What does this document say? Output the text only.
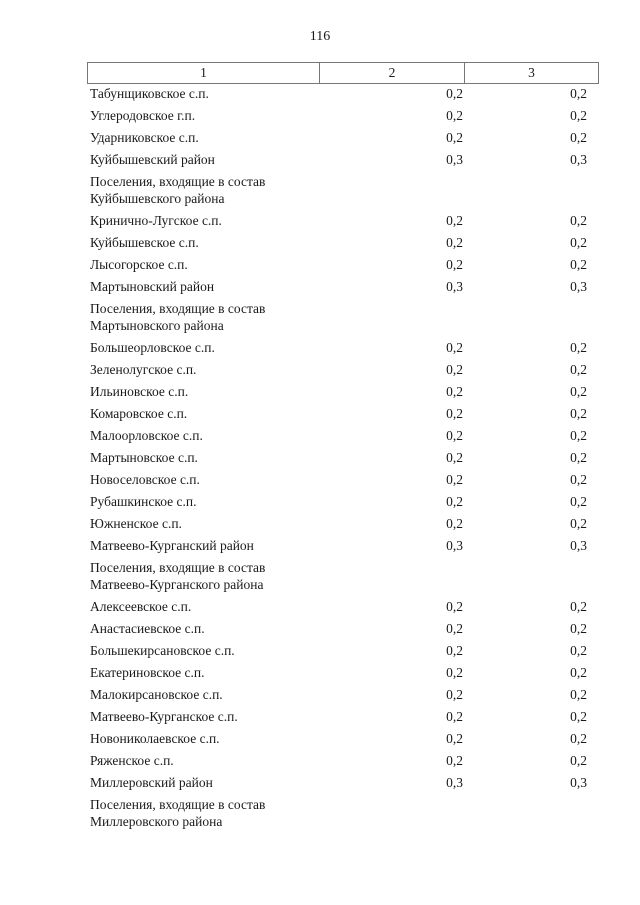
116
1	2	3
Табунщиковское с.п.	0,2	0,2
Углеродовское г.п.	0,2	0,2
Ударниковское с.п.	0,2	0,2
Куйбышевский район	0,3	0,3
Поселения, входящие в состав
Куйбышевского района
Кринично-Лугское с.п.	0,2	0,2
Куйбышевское с.п.	0,2	0,2
Лысогорское с.п.	0,2	0,2
Мартыновский район	0,3	0,3
Поселения, входящие в состав
Мартыновского района
Большеорловское с.п.	0,2	0,2
Зеленолугское с.п.	0,2	0,2
Ильиновское с.п.	0,2	0,2
Комаровское с.п.	0,2	0,2
Малоорловское с.п.	0,2	0,2
Мартыновское с.п.	0,2	0,2
Новоселовское с.п.	0,2	0,2
Рубашкинское с.п.	0,2	0,2
Южненское с.п.	0,2	0,2
Матвеево-Курганский район	0,3	0,3
Поселения, входящие в состав
Матвеево-Курганского района
Алексеевское с.п.	0,2	0,2
Анастасиевское с.п.	0,2	0,2
Большекирсановское с.п.	0,2	0,2
Екатериновское с.п.	0,2	0,2
Малокирсановское с.п.	0,2	0,2
Матвеево-Курганское с.п.	0,2	0,2
Новониколаевское с.п.	0,2	0,2
Ряженское с.п.	0,2	0,2
Миллеровский район	0,3	0,3
Поселения, входящие в состав
Миллеровского района
